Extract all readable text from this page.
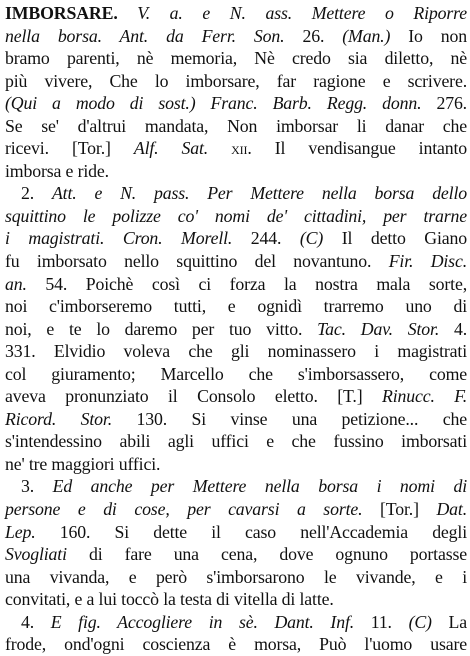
IMBORSARE. V. a. e N. ass. Mettere o Riporre
nella borsa. Ant. da Ferr. Son. 26. (Man.) Io non
bramo parenti, nè memoria, Nè credo sia diletto, nè
più vivere, Che lo imborsare, far ragione e scrivere.
(Qui a modo di sost.) Franc. Barb. Regg. donn. 276.
Se se' d'altrui mandata, Non imborsar li danar che
ricevi. [Tor.] Alf. Sat. xii. Il vendisangue intanto
imborsa e ride.
2. Att. e N. pass. Per Mettere nella borsa dello
squittino le polizze co' nomi de' cittadini, per trarne
i magistrati. Cron. Morell. 244. (C) Il detto Giano
fu imborsato nello squittino del novantuno. Fir. Disc.
an. 54. Poichè così ci forza la nostra mala sorte,
noi c'imborseremo tutti, e ognidì trarremo uno di
noi, e te lo daremo per tuo vitto. Tac. Dav. Stor. 4.
331. Elvidio voleva che gli nominassero i magistrati
col giuramento; Marcello che s'imborsassero, come
aveva pronunziato il Consolo eletto. [T.] Rinucc. F.
Ricord. Stor. 130. Si vinse una petizione... che
s'intendessino abili agli uffici e che fussino imborsati
ne' tre maggiori uffici.
3. Ed anche per Mettere nella borsa i nomi di
persone e di cose, per cavarsi a sorte. [Tor.] Dat.
Lep. 160. Si dette il caso nell'Accademia degli
Svogliati di fare una cena, dove ognuno portasse
una vivanda, e però s'imborsarono le vivande, e i
convitati, e a lui toccò la testa di vitella di latte.
4. E fig. Accogliere in sè. Dant. Inf. 11. (C) La
frode, ond'ogni coscienza è morsa, Può l'uomo usare
